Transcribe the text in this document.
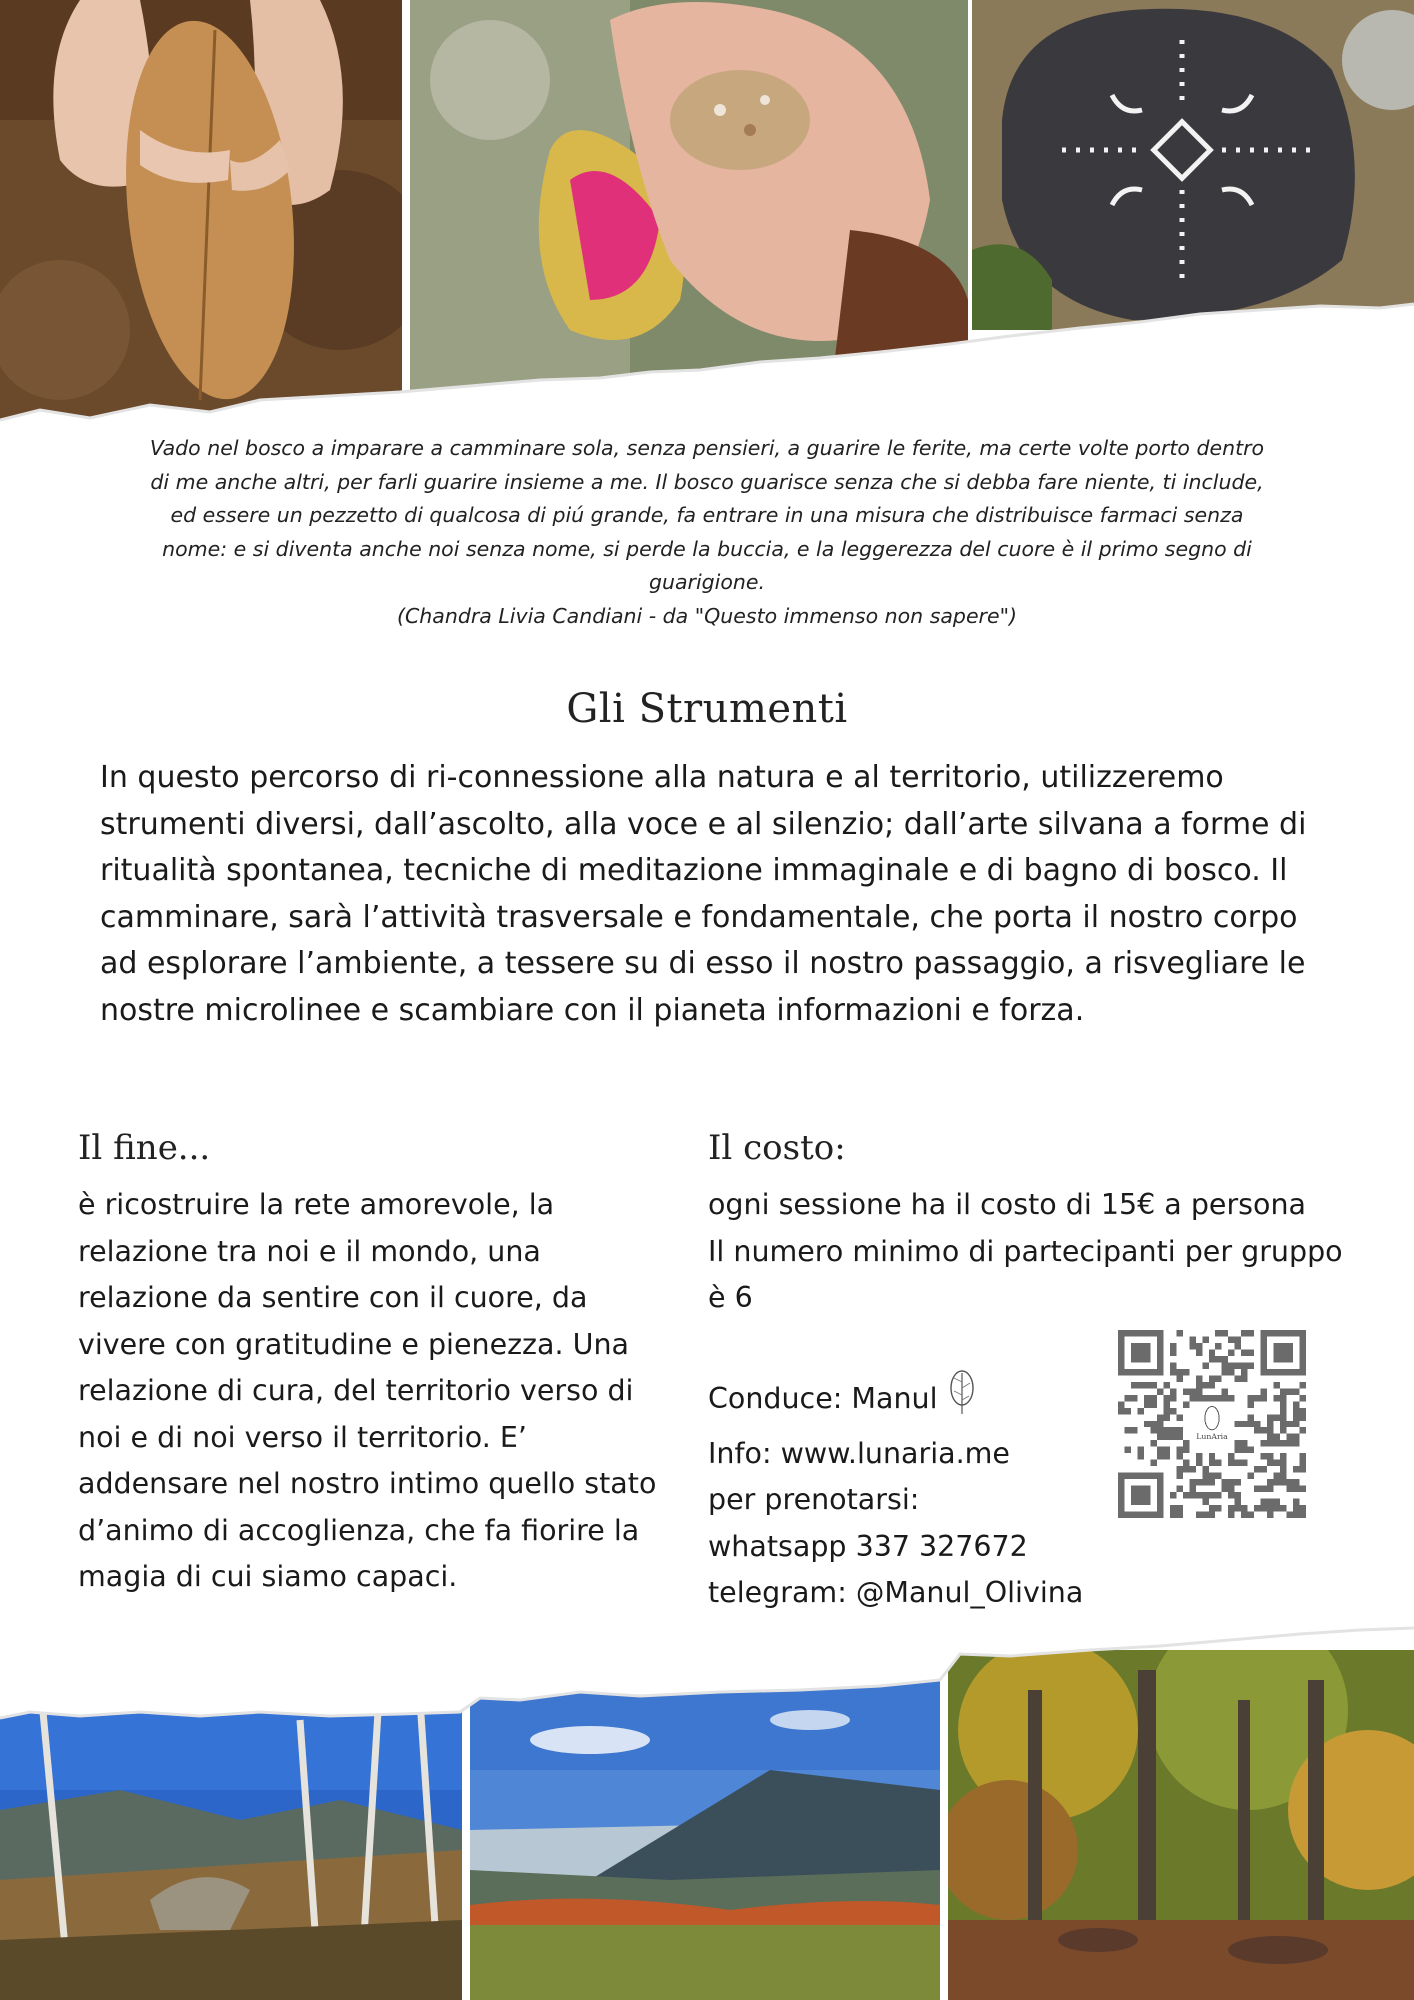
Vado nel bosco a imparare a camminare sola, senza pensieri, a guarire le ferite, ma certe volte porto dentro di me anche altri, per farli guarire insieme a me. Il bosco guarisce senza che si debba fare niente, ti include, ed essere un pezzetto di qualcosa di piú grande, fa entrare in una misura che distribuisce farmaci senza nome: e si diventa anche noi senza nome, si perde la buccia, e la leggerezza del cuore è il primo segno di guarigione.

(Chandra Livia Candiani - da "Questo immenso non sapere")

Gli Strumenti
In questo percorso di ri-connessione alla natura e al territorio, utilizzeremo strumenti diversi, dall’ascolto, alla voce e al silenzio; dall’arte silvana a forme di ritualità spontanea, tecniche di meditazione immaginale e di bagno di bosco. Il camminare, sarà l’attività trasversale e fondamentale, che porta il nostro corpo ad esplorare l’ambiente, a tessere su di esso il nostro passaggio, a risvegliare le nostre microlinee e scambiare con il pianeta informazioni e forza.
Il fine...
è ricostruire la rete amorevole, la relazione tra noi e il mondo, una relazione da sentire con il cuore, da vivere con gratitudine e pienezza. Una relazione di cura, del territorio verso di noi e di noi verso il territorio. E’ addensare nel nostro intimo quello stato d’animo di accoglienza, che fa fiorire la magia di cui siamo capaci.
Il costo:

ogni sessione ha il costo di 15€ a persona

Il numero minimo di partecipanti per gruppo è 6

Conduce: Manul

Info: www.lunaria.me

per prenotarsi:

whatsapp 337 327672

telegram: @Manul_Olivina

LunAria
